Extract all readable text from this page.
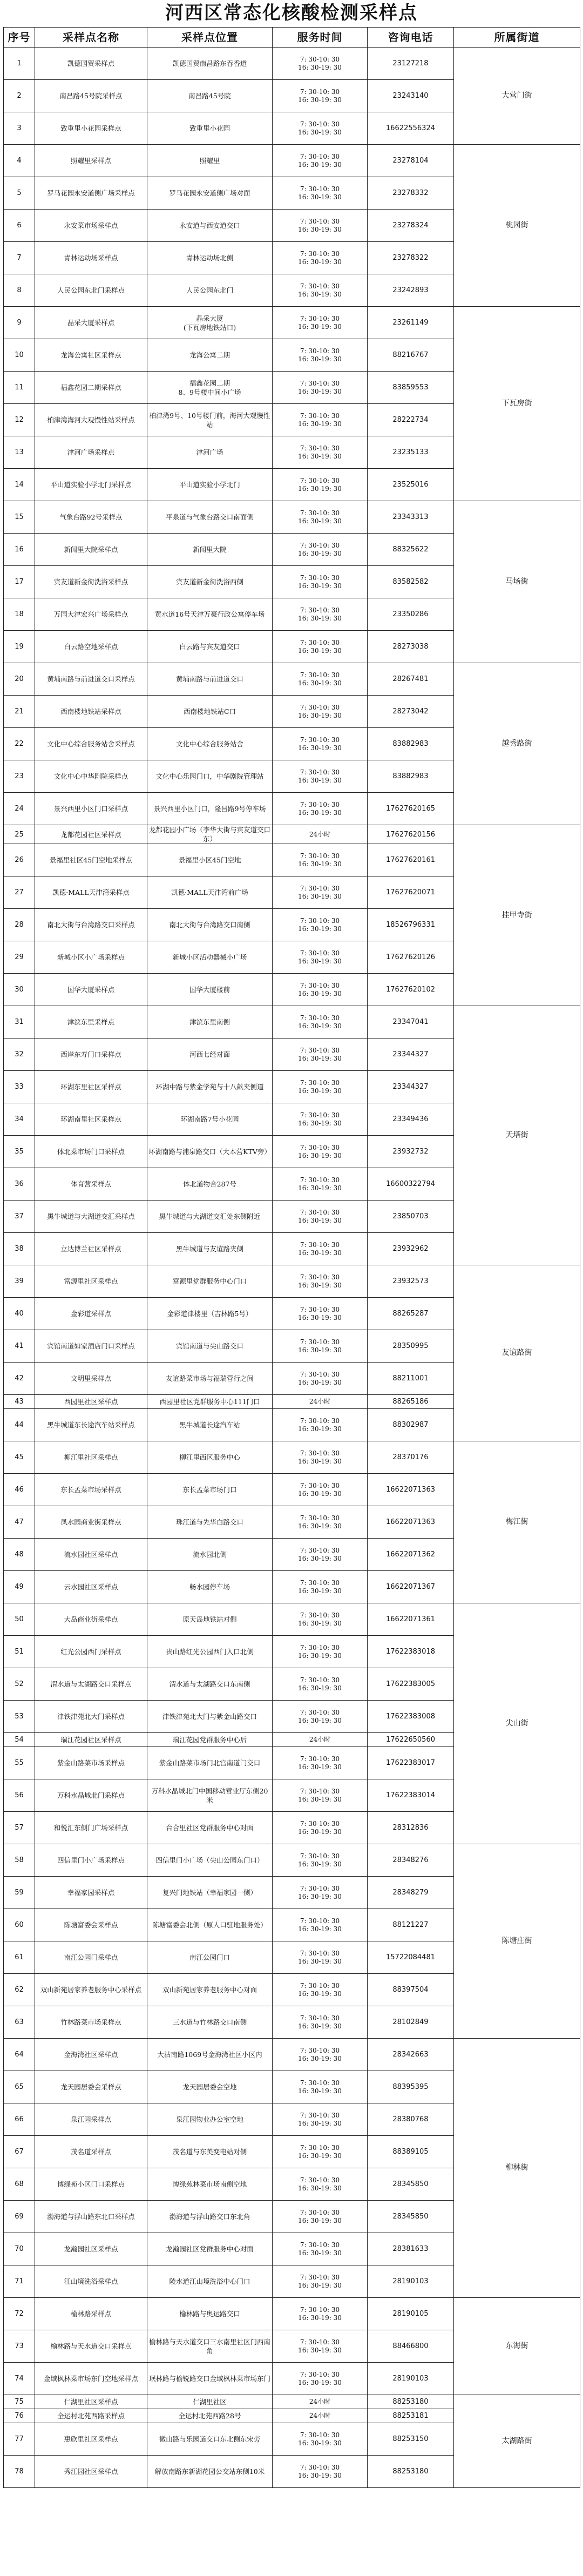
河西区常态化核酸检测采样点
序号	采样点名称	采样点位置	服务时间	咨询电话	所属街道
1	凯德国贸采样点	凯德国贸南昌路东吞香道	7: 30-10: 30
16: 30-19: 30	23127218	大营门街
2	南昌路45号院采样点	南昌路45号院	7: 30-10: 30
16: 30-19: 30	23243140	
3	致重里小花园采样点	致重里小花园	7: 30-10: 30
16: 30-19: 30	16622556324	
4	照耀里采样点	照耀里	7: 30-10: 30
16: 30-19: 30	23278104	桃园街
5	罗马花园永安道侧广场采样点	罗马花园永安道侧广场对面	7: 30-10: 30
16: 30-19: 30	23278332	
6	永安菜市场采样点	永安道与西安道交口	7: 30-10: 30
16: 30-19: 30	23278324	
7	青林运动场采样点	青林运动场北侧	7: 30-10: 30
16: 30-19: 30	23278322	
8	人民公园东北门采样点	人民公园东北门	7: 30-10: 30
16: 30-19: 30	23242893	
9	晶采大厦采样点	晶采大厦
(下瓦房地铁站口)	7: 30-10: 30
16: 30-19: 30	23261149	下瓦房街
10	龙海公寓社区采样点	龙海公寓二期	7: 30-10: 30
16: 30-19: 30	88216767	
11	福鑫花园二期采样点	福鑫花园二期
8、9号楼中间小广场	7: 30-10: 30
16: 30-19: 30	83859553	
12	柏津湾海河大观慢性站采样点	柏津湾9号、10号楼门前，海河大观慢性站	7: 30-10: 30
16: 30-19: 30	28222734	
13	津河广场采样点	津河广场	7: 30-10: 30
16: 30-19: 30	23235133	
14	平山道实验小学北门采样点	平山道实验小学北门	7: 30-10: 30
16: 30-19: 30	23525016	
15	气象台路92号采样点	平泉道与气象台路交口南面侧	7: 30-10: 30
16: 30-19: 30	23343313	马场街
16	新闻里大院采样点	新闻里大院	7: 30-10: 30
16: 30-19: 30	88325622	
17	宾友道新金街洗浴采样点	宾友道新金街洗浴西侧	7: 30-10: 30
16: 30-19: 30	83582582	
18	万国大津宏兴广场采样点	黄水道16号天津万豪行政公寓停车场	7: 30-10: 30
16: 30-19: 30	23350286	
19	白云路空地采样点	白云路与宾友道交口	7: 30-10: 30
16: 30-19: 30	28273038	
20	黄埔南路与前进道交口采样点	黄埔南路与前进道交口	7: 30-10: 30
16: 30-19: 30	28267481	越秀路街
21	西南楼地铁站采样点	西南楼地铁站C口	7: 30-10: 30
16: 30-19: 30	28273042	
22	文化中心综合服务站舍采样点	文化中心综合服务站舍	7: 30-10: 30
16: 30-19: 30	83882983	
23	文化中心中华剧院采样点	文化中心乐园门口，中华剧院管理站	7: 30-10: 30
16: 30-19: 30	83882983	
24	景兴西里小区门口采样点	景兴西里小区门口，隆昌路9号停车场	7: 30-10: 30
16: 30-19: 30	17627620165	
25	龙都花园社区采样点	龙都花园小广场（李华大街与宾友道交口东）	24小时	17627620156	挂甲寺街
26	景福里社区45门空地采样点	景福里小区45门空地	7: 30-10: 30
16: 30-19: 30	17627620161	
27	凯德·MALL天津湾采样点	凯德·MALL天津湾前广场	7: 30-10: 30
16: 30-19: 30	17627620071	
28	南北大街与台湾路交口采样点	南北大街与台湾路交口南侧	7: 30-10: 30
16: 30-19: 30	18526796331	
29	新城小区小广场采样点	新城小区活动器械小广场	7: 30-10: 30
16: 30-19: 30	17627620126	
30	国华大厦采样点	国华大厦楼前	7: 30-10: 30
16: 30-19: 30	17627620102	
31	津滨东里采样点	津滨东里南侧	7: 30-10: 30
16: 30-19: 30	23347041	天塔街
32	西岸东寿门口采样点	河西七经对面	7: 30-10: 30
16: 30-19: 30	23344327	
33	环湖东里社区采样点	环湖中路与紫金学苑与十八畝夹侧道	7: 30-10: 30
16: 30-19: 30	23344327	
34	环湖南里社区采样点	环湖南路7号小花园	7: 30-10: 30
16: 30-19: 30	23349436	
35	体北菜市场门口采样点	环湖南路与浦泉路交口（大本营KTV旁）	7: 30-10: 30
16: 30-19: 30	23932732	
36	体育营采样点	体北道物合287号	7: 30-10: 30
16: 30-19: 30	16600322794	
37	黑牛城道与大湖道交汇采样点	黑牛城道与大湖道交汇处东侧附近	7: 30-10: 30
16: 30-19: 30	23850703	
38	立达博兰社区采样点	黑牛城道与友谊路夹侧	7: 30-10: 30
16: 30-19: 30	23932962	
39	富源里社区采样点	富源里党群服务中心门口	7: 30-10: 30
16: 30-19: 30	23932573	友谊路街
40	金彩道采样点	金彩道津楼里（吉林路5号）	7: 30-10: 30
16: 30-19: 30	88265287	
41	宾馆南道如家酒店门口采样点	宾馆南道与尖山路交口	7: 30-10: 30
16: 30-19: 30	28350995	
42	文明里采样点	友谊路菜市场与福瑞营行之间	7: 30-10: 30
16: 30-19: 30	88211001	
43	西园里社区采样点	西园里社区党群服务中心111门口	24小时	88265186	
44	黑牛城道东长途汽车站采样点	黑牛城道长途汽车站	7: 30-10: 30
16: 30-19: 30	88302987	
45	柳江里社区采样点	柳江里西区服务中心	7: 30-10: 30
16: 30-19: 30	28370176	梅江街
46	东长孟菜市场采样点	东长孟菜市场门口	7: 30-10: 30
16: 30-19: 30	16622071363	
47	凤水园商业街采样点	珠江道与先华白路交口	7: 30-10: 30
16: 30-19: 30	16622071363	
48	流水园社区采样点	流水园北侧	7: 30-10: 30
16: 30-19: 30	16622071362	
49	云水园社区采样点	畅水园停车场	7: 30-10: 30
16: 30-19: 30	16622071367	
50	大岛商业街采样点	原天岛地铁站对侧	7: 30-10: 30
16: 30-19: 30	16622071361	尖山街
51	红光公园西门采样点	贵山路红光公园西门入口北侧	7: 30-10: 30
16: 30-19: 30	17622383018	
52	渭水道与太湖路交口采样点	渭水道与太湖路交口东南侧	7: 30-10: 30
16: 30-19: 30	17622383005	
53	津铁津苑北大门采样点	津铁津苑北大门与紫金山路交口	7: 30-10: 30
16: 30-19: 30	17622383008	
54	瑞江花园社区采样点	瑞江花园党群服务中心后	24小时	17622650560	
55	紫金山路菜市场采样点	紫金山路菜市场门北宫南道门交口	7: 30-10: 30
16: 30-19: 30	17622383017	
56	万科水晶城北门采样点	万科水晶城北门中国移动营业厅东侧20米	7: 30-10: 30
16: 30-19: 30	17622383014	
57	和悦汇东侧门广场采样点	台合里社区党群服务中心对面	7: 30-10: 30
16: 30-19: 30	28312836	
58	四信里门小广场采样点	四信里门小广场（尖山公园东门口）	7: 30-10: 30
16: 30-19: 30	28348276	陈塘庄街
59	幸福家园采样点	复兴门地铁站（幸福家园一侧）	7: 30-10: 30
16: 30-19: 30	28348279	
60	陈塘富委会采样点	陈塘富委会北侧（原人口驻地服务处）	7: 30-10: 30
16: 30-19: 30	88121227	
61	南江公园门采样点	南江公园门口	7: 30-10: 30
16: 30-19: 30	15722084481	
62	双山新苑居家养老服务中心采样点	双山新苑居家养老服务中心对面	7: 30-10: 30
16: 30-19: 30	88397504	
63	竹林路菜市场采样点	三水道与竹林路交口南侧	7: 30-10: 30
16: 30-19: 30	28102849	
64	金海湾社区采样点	大沽南路1069号金海湾社区小区内	7: 30-10: 30
16: 30-19: 30	28342663	柳林街
65	龙天园居委会采样点	龙天园居委会空地	7: 30-10: 30
16: 30-19: 30	88395395	
66	泉江园采样点	泉江园物业办公室空地	7: 30-10: 30
16: 30-19: 30	28380768	
67	茂名道采样点	茂名道与东美变电站对侧	7: 30-10: 30
16: 30-19: 30	88389105	
68	博绿苑小区门口采样点	博绿苑林菜市场南侧空地	7: 30-10: 30
16: 30-19: 30	28345850	
69	渤海道与浮山路东北口采样点	渤海道与浮山路交口东北角	7: 30-10: 30
16: 30-19: 30	28345850	
70	龙瀚园社区采样点	龙瀚园社区党群服务中心对面	7: 30-10: 30
16: 30-19: 30	28381633	
71	江山境洗浴采样点	陵水道江山境洗浴中心门口	7: 30-10: 30
16: 30-19: 30	28190103	
72	榆林路采样点	榆林路与奥运路交口	7: 30-10: 30
16: 30-19: 30	28190105	东海街
73	榆林路与天水道交口采样点	榆林路与天水道交口三水南里社区门西南角	7: 30-10: 30
16: 30-19: 30	88466800	
74	金域枫林菜市场东门空地采样点	珉林路与榆锐路交口金域枫林菜市场东门	7: 30-10: 30
16: 30-19: 30	28190103	
75	仁湖里社区采样点	仁湖里社区	24小时	88253180	太湖路街
76	全运村北苑西路采样点	全运村北苑西路28号	24小时	88253181	
77	惠欣里社区采样点	微山路与乐园道交口东北侧东宋旁	7: 30-10: 30
16: 30-19: 30	88253150	
78	秀江园社区采样点	解放南路东新湖花园公交站东侧10米	7: 30-10: 30
16: 30-19: 30	88253180	
